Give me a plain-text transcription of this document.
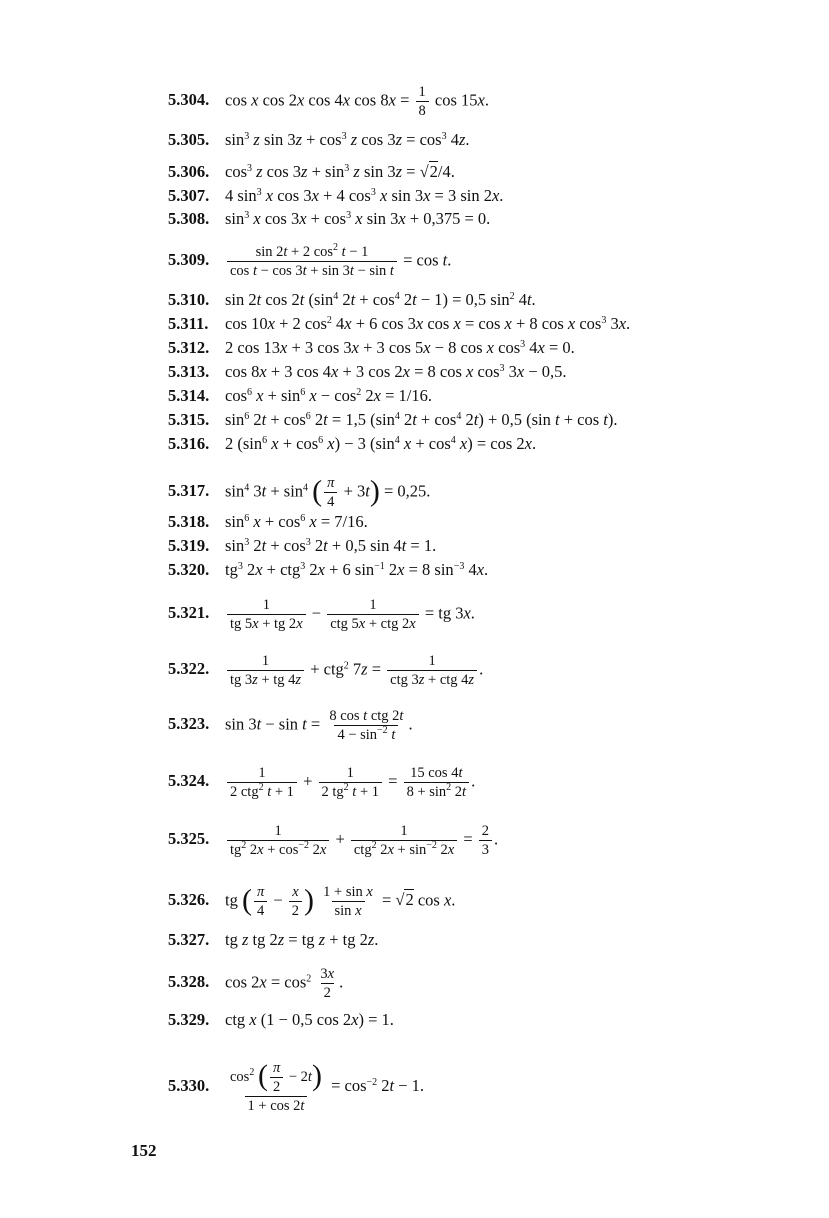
5.304. cos x cos 2x cos 4x $\cos 8x = \frac{1}{8}$ cos 15x.
5.305. $\sin^3 z$ $\sin 3z + \cos^3 z$ $\cos 3z = \cos^3 4z$.
5.306. $\cos^3 z$ $\cos 3z + \sin^3 z$ sin 3z = √2/4.
5.307. 4 $\sin^3 x$ cos 3x + 4 $\cos^3 x$ sin 3x = 3 sin 2x.
5.308. $\sin^3 x$ $\cos 3x + \cos^3 x$ sin 3x + 0,375 = 0.
5.309. $\frac{\sin 2t + 2 \cos^2 t - 1}{\text{cos t − cos 3t + sin 3t − sin t}} = \cos t$.
5.310. sin 2t cos 2t ($\sin^4$ $2t + \cos^4 2t - 1) = 0,5$ $\sin^2 4t$.
5.311. cos 10x + 2 $\cos^2 4x + 6$ cos 3x cos x = cos x + 8 cos x $\cos^3 3x$.
5.312. 2 cos 13x + 3 cos 3x + 3 cos 5x − 8 cos x $\cos^3 4x = 0$.
5.313. cos 8x + 3 cos 4x + 3 cos 2x = 8 cos x $\cos^3 3x - 0,5$.
5.314. $\cos^6 x + \sin^6 x - \cos^2 2x = 1/16$.
5.315. $\sin^6 2t + \cos^6 2t = 1,5$ ($\sin^4$ $2t + \cos^4 2t) + 0,5$ (sin t + cos t).
5.316. 2 ($\sin^6$ $x + \cos^6 x) - 3$ ($\sin^4$ $x + \cos^4 x) = \cos 2x$.
5.317. $\sin^4 3t + \sin^4$ ( $\frac{\pi}{4} + 3t) = 0,25$.
5.318. $\sin^6 x + \cos^6 x = 7/16$.
5.319. $\sin^3 2t + \cos^3 2t + 0,5$ sin 4t = 1.
5.320. $tg^3$ 2x + ctg$^3$ 2x + 6 $\sin^{-1} 2x = 8$ $\sin^{-3} 4x$.
5.321. $\frac{1}{tg 5x + tg 2x} - \frac{1}{\text{ctg 5x + ctg 2x}}$ = tg 3x.
5.322. $\frac{1}{tg 3z + tg 4z} + ctg^2$ $7z = \frac{1}{\text{ctg 3z + ctg 4z}}$ .
5.323. $\sin 3t - \sin t = \frac{\text{8 cos t ctg 2t}}{4 - \sin^{-2} t}$ .
5.324. $\frac{1}{2 ctg^2 t + 1} + \frac{1}{2 tg^2 t + 1} = \frac{15 \cos 4t}{8 + \sin^2 2t}$ .
5.325. $\frac{1}{tg^2 2x + \cos^{-2} 2x} + \frac{1}{ctg^2 2x + \sin^{-2} 2x} = \frac{2}{3}$ .
5.326. tg ( $\frac{\pi}{4} - \frac{x}{2}$ ) $\frac{\text{1 + sin x}}{\text{sin x}} = √2$ cos x.
5.327. tg z tg 2z = tg z + tg 2z.
5.328. $\cos 2x = \cos^2 \frac{3x}{2}$ .
5.329. ctg x (1 − 0,5 cos 2x) = 1.
5.330. $\frac{\cos^2 ( \frac{\pi}{2} - 2t)}{1 + \cos 2t} = \cos^{-2} 2t - 1$.
152
